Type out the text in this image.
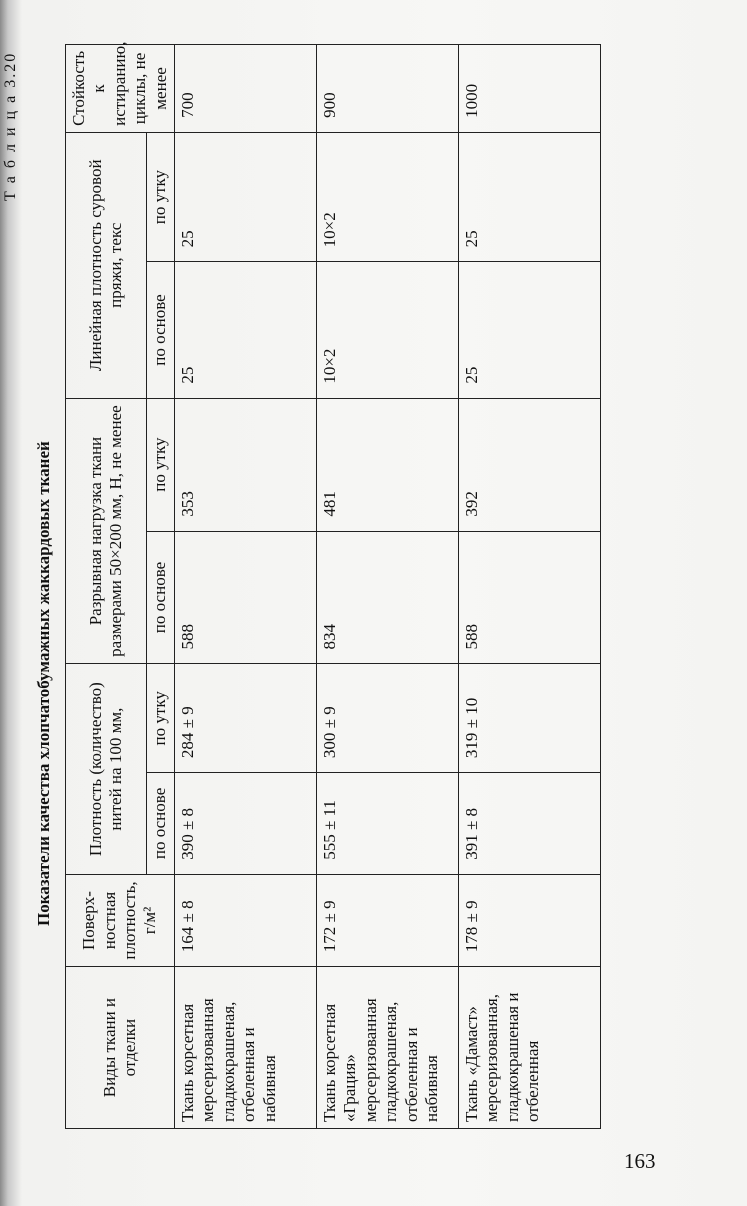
Т а б л и ц а 3.20
Показатели качества хлопчатобумажных жаккардовых тканей
Виды ткани и отделки	Поверх-ностная плотность, г/м²	Плотность (количество) нитей на 100 мм,		Разрывная нагрузка ткани размерами 50×200 мм, Н, не менее		Линейная плотность суровой пряжи, текс		Стойкость к истиранию, циклы, не менее
		по основе	по утку	по основе	по утку	по основе	по утку	
Ткань корсетная мерсеризованная гладкокрашеная, отбеленная и набивная	164 ± 8	390 ± 8	284 ± 9	588	353	25	25	700
Ткань корсетная «Грация» мерсеризованная гладкокрашеная, отбеленная и набивная	172 ± 9	555 ± 11	300 ± 9	834	481	10×2	10×2	900
Ткань «Дамаст» мерсеризованная, гладкокрашеная и отбеленная	178 ± 9	391 ± 8	319 ± 10	588	392	25	25	1000
163
